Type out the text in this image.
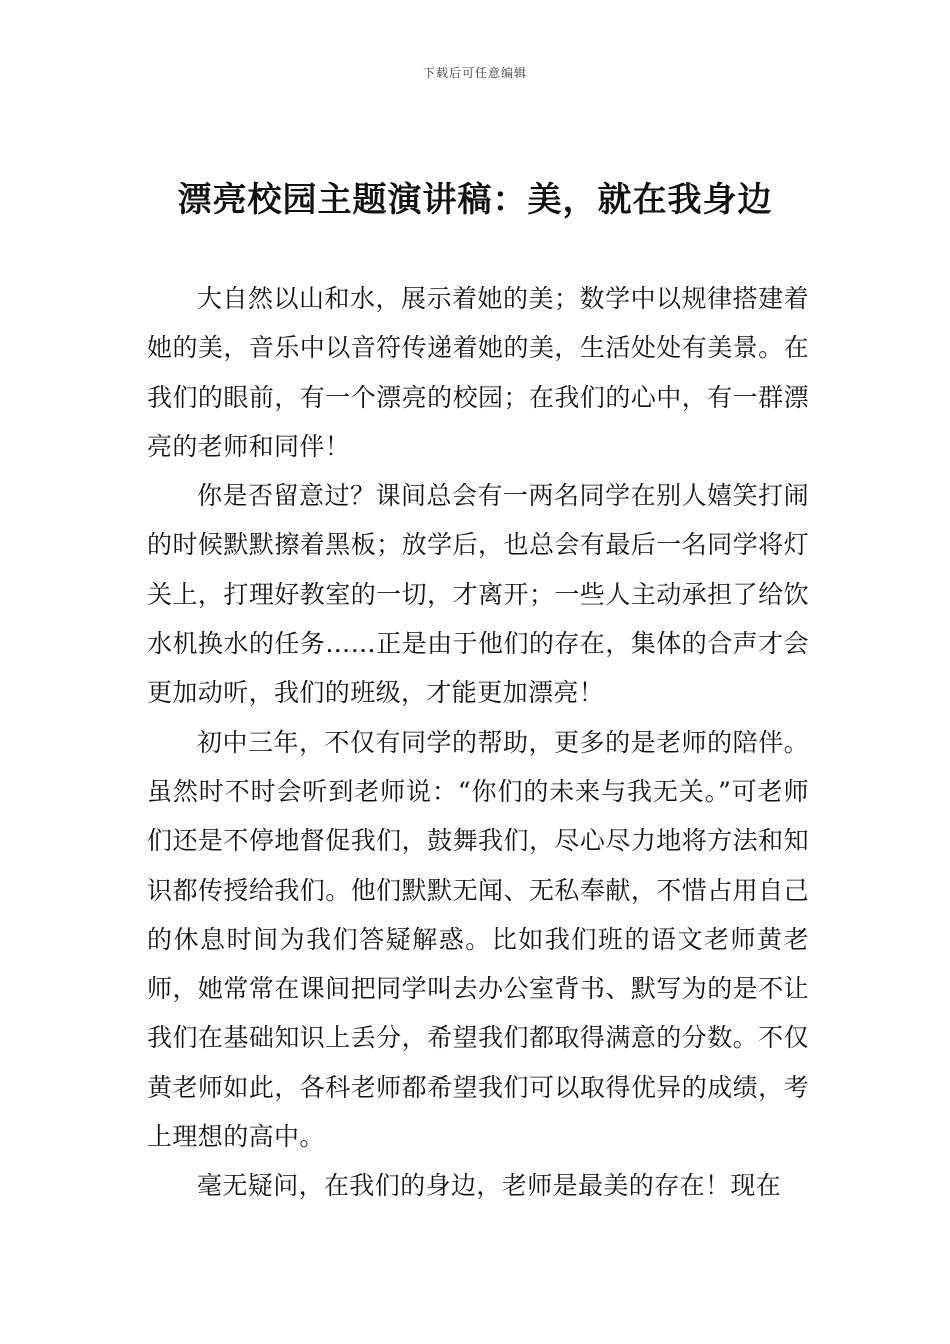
下载后可任意编辑
漂亮校园主题演讲稿：美，就在我身边

大自然以山和水，展示着她的美；数学中以规律搭建着她的美，音乐中以音符传递着她的美，生活处处有美景。在我们的眼前，有一个漂亮的校园；在我们的心中，有一群漂亮的老师和同伴！

你是否留意过？课间总会有一两名同学在别人嬉笑打闹的时候默默擦着黑板；放学后，也总会有最后一名同学将灯关上，打理好教室的一切，才离开；一些人主动承担了给饮水机换水的任务……正是由于他们的存在，集体的合声才会更加动听，我们的班级，才能更加漂亮！

初中三年，不仅有同学的帮助，更多的是老师的陪伴。虽然时不时会听到老师说：“你们的未来与我无关。”可老师们还是不停地督促我们，鼓舞我们，尽心尽力地将方法和知识都传授给我们。他们默默无闻、无私奉献，不惜占用自己的休息时间为我们答疑解惑。比如我们班的语文老师黄老师，她常常在课间把同学叫去办公室背书、默写为的是不让我们在基础知识上丢分，希望我们都取得满意的分数。不仅黄老师如此，各科老师都希望我们可以取得优异的成绩，考上理想的高中。

毫无疑问，在我们的身边，老师是最美的存在！现在
